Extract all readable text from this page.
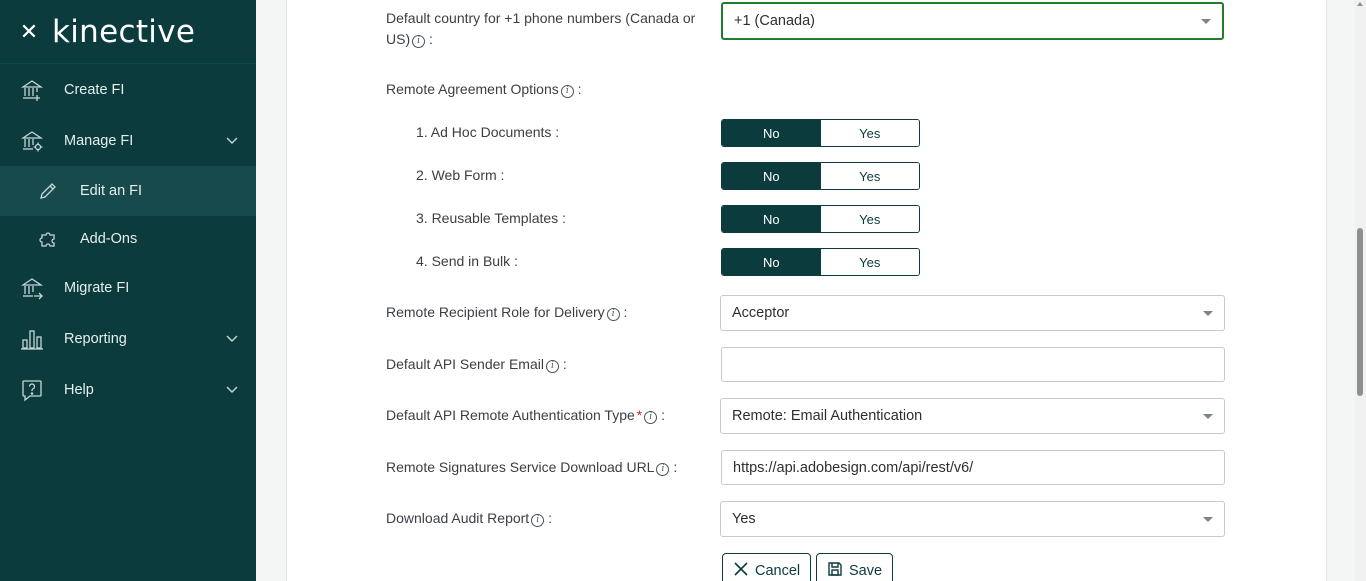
✕ kinective
Create FI
Manage FI
Edit an FI
Add-Ons
Migrate FI
Reporting
Help
Default country for +1 phone numbers (Canada or US) i :
+1 (Canada)
Remote Agreement Options i :
1. Ad Hoc Documents :	No	Yes
2. Web Form :	No	Yes
3. Reusable Templates :	No	Yes
4. Send in Bulk :	No	Yes
Remote Recipient Role for Delivery i :	Acceptor
Default API Sender Email i :
Default API Remote Authentication Type * i :	Remote: Email Authentication
Remote Signatures Service Download URL i :
https://api.adobesign.com/api/rest/v6/
Download Audit Report i :	Yes
Cancel	Save
